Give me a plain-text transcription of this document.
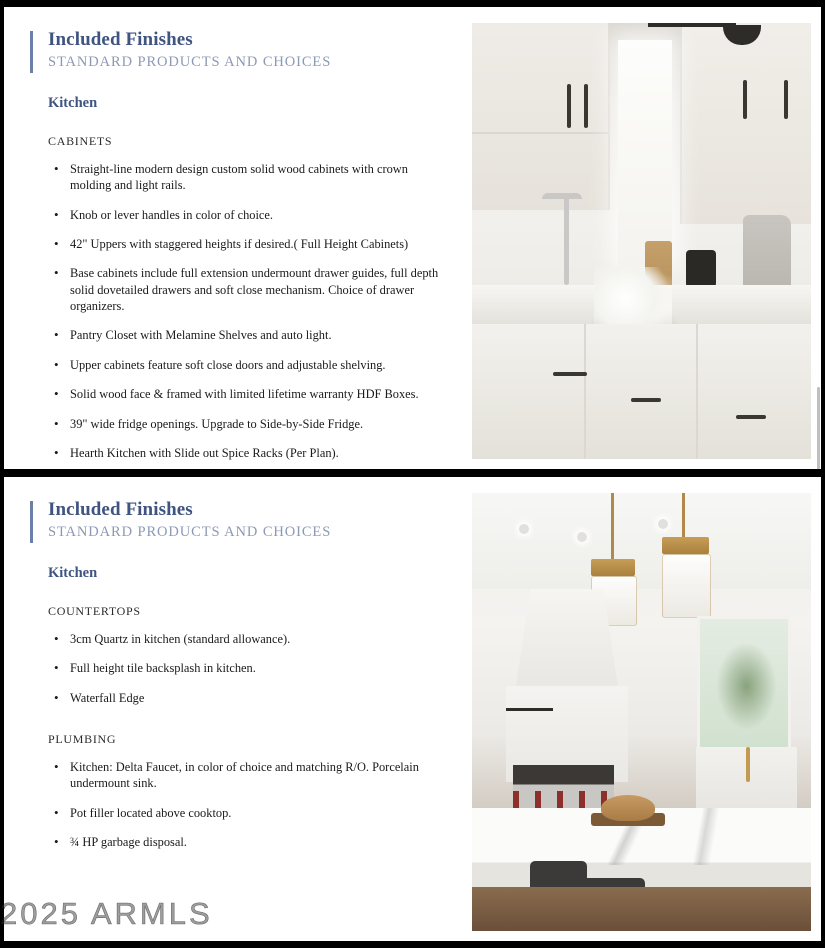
Included Finishes
STANDARD PRODUCTS AND CHOICES
Kitchen
CABINETS
• Straight-line modern design custom solid wood cabinets with crown molding and light rails.
• Knob or lever handles in color of choice.
• 42" Uppers with staggered heights if desired.( Full Height Cabinets)
• Base cabinets include full extension undermount drawer guides, full depth solid dovetailed drawers and soft close mechanism. Choice of drawer organizers.
• Pantry Closet with Melamine Shelves and auto light.
• Upper cabinets feature soft close doors and adjustable shelving.
• Solid wood face & framed with limited lifetime warranty HDF Boxes.
• 39" wide fridge openings. Upgrade to Side-by-Side Fridge.
• Hearth Kitchen with Slide out Spice Racks (Per Plan).
Included Finishes
STANDARD PRODUCTS AND CHOICES
Kitchen
COUNTERTOPS
• 3cm Quartz in kitchen (standard allowance).
• Full height tile backsplash in kitchen.
• Waterfall Edge
PLUMBING
• Kitchen: Delta Faucet, in color of choice and matching R/O. Porcelain undermount sink.
• Pot filler located above cooktop.
• ¾ HP garbage disposal.
2025 ARMLS
